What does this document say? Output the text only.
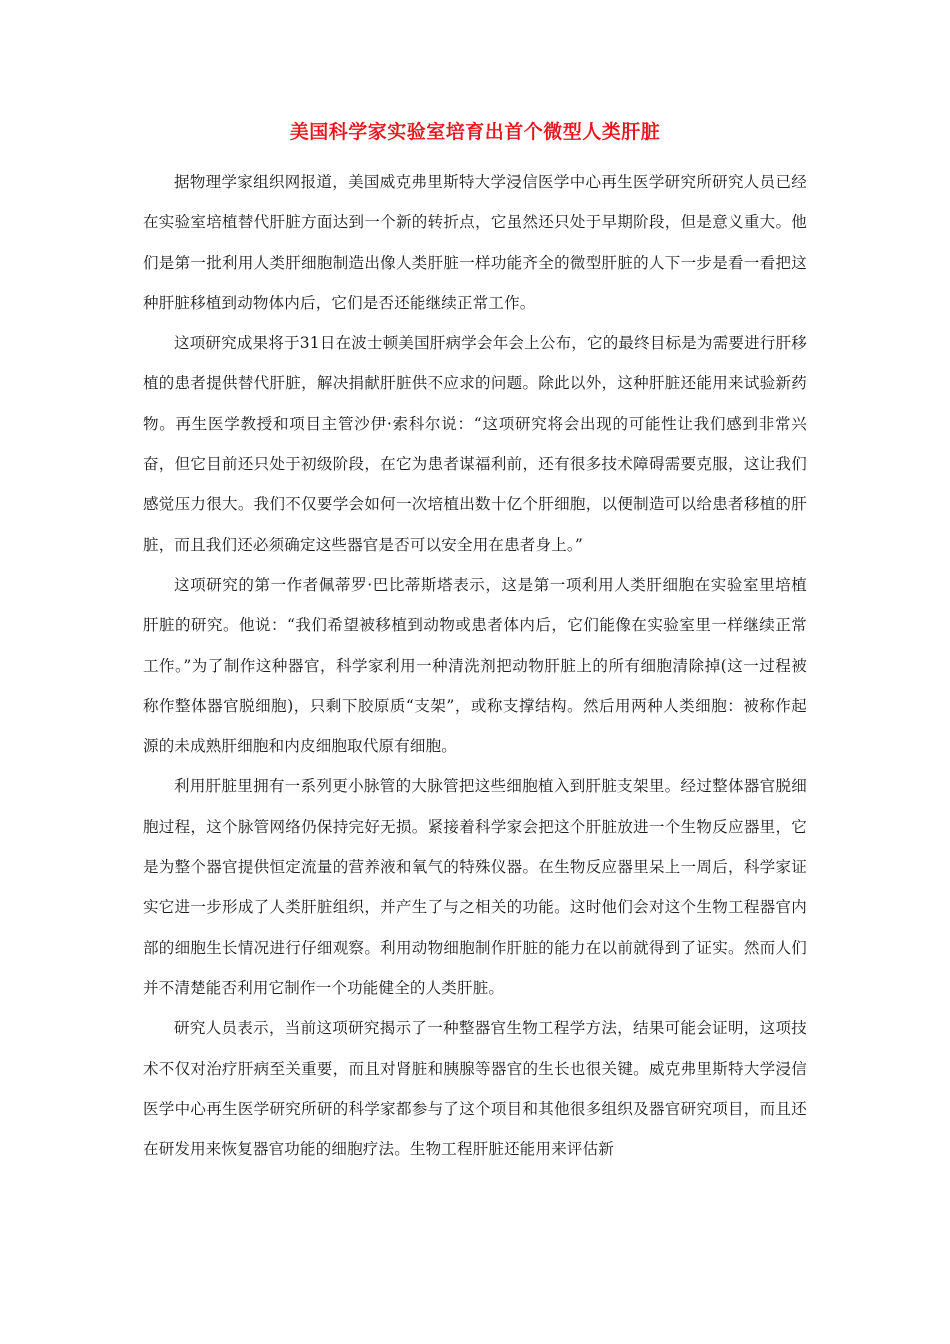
美国科学家实验室培育出首个微型人类肝脏

据物理学家组织网报道，美国威克弗里斯特大学浸信医学中心再生医学研究所研究人员已经在实验室培植替代肝脏方面达到一个新的转折点，它虽然还只处于早期阶段，但是意义重大。他们是第一批利用人类肝细胞制造出像人类肝脏一样功能齐全的微型肝脏的人下一步是看一看把这种肝脏移植到动物体内后，它们是否还能继续正常工作。

这项研究成果将于31日在波士顿美国肝病学会年会上公布，它的最终目标是为需要进行肝移植的患者提供替代肝脏，解决捐献肝脏供不应求的问题。除此以外，这种肝脏还能用来试验新药物。再生医学教授和项目主管沙伊·索科尔说：“这项研究将会出现的可能性让我们感到非常兴奋，但它目前还只处于初级阶段，在它为患者谋福利前，还有很多技术障碍需要克服，这让我们感觉压力很大。我们不仅要学会如何一次培植出数十亿个肝细胞，以便制造可以给患者移植的肝脏，而且我们还必须确定这些器官是否可以安全用在患者身上。”

这项研究的第一作者佩蒂罗·巴比蒂斯塔表示，这是第一项利用人类肝细胞在实验室里培植肝脏的研究。他说：“我们希望被移植到动物或患者体内后，它们能像在实验室里一样继续正常工作。”为了制作这种器官，科学家利用一种清洗剂把动物肝脏上的所有细胞清除掉(这一过程被称作整体器官脱细胞)，只剩下胶原质“支架”，或称支撑结构。然后用两种人类细胞：被称作起源的未成熟肝细胞和内皮细胞取代原有细胞。

利用肝脏里拥有一系列更小脉管的大脉管把这些细胞植入到肝脏支架里。经过整体器官脱细胞过程，这个脉管网络仍保持完好无损。紧接着科学家会把这个肝脏放进一个生物反应器里，它是为整个器官提供恒定流量的营养液和氧气的特殊仪器。在生物反应器里呆上一周后，科学家证实它进一步形成了人类肝脏组织，并产生了与之相关的功能。这时他们会对这个生物工程器官内部的细胞生长情况进行仔细观察。利用动物细胞制作肝脏的能力在以前就得到了证实。然而人们并不清楚能否利用它制作一个功能健全的人类肝脏。

研究人员表示，当前这项研究揭示了一种整器官生物工程学方法，结果可能会证明，这项技术不仅对治疗肝病至关重要，而且对肾脏和胰腺等器官的生长也很关键。威克弗里斯特大学浸信医学中心再生医学研究所研的科学家都参与了这个项目和其他很多组织及器官研究项目，而且还在研发用来恢复器官功能的细胞疗法。生物工程肝脏还能用来评估新
